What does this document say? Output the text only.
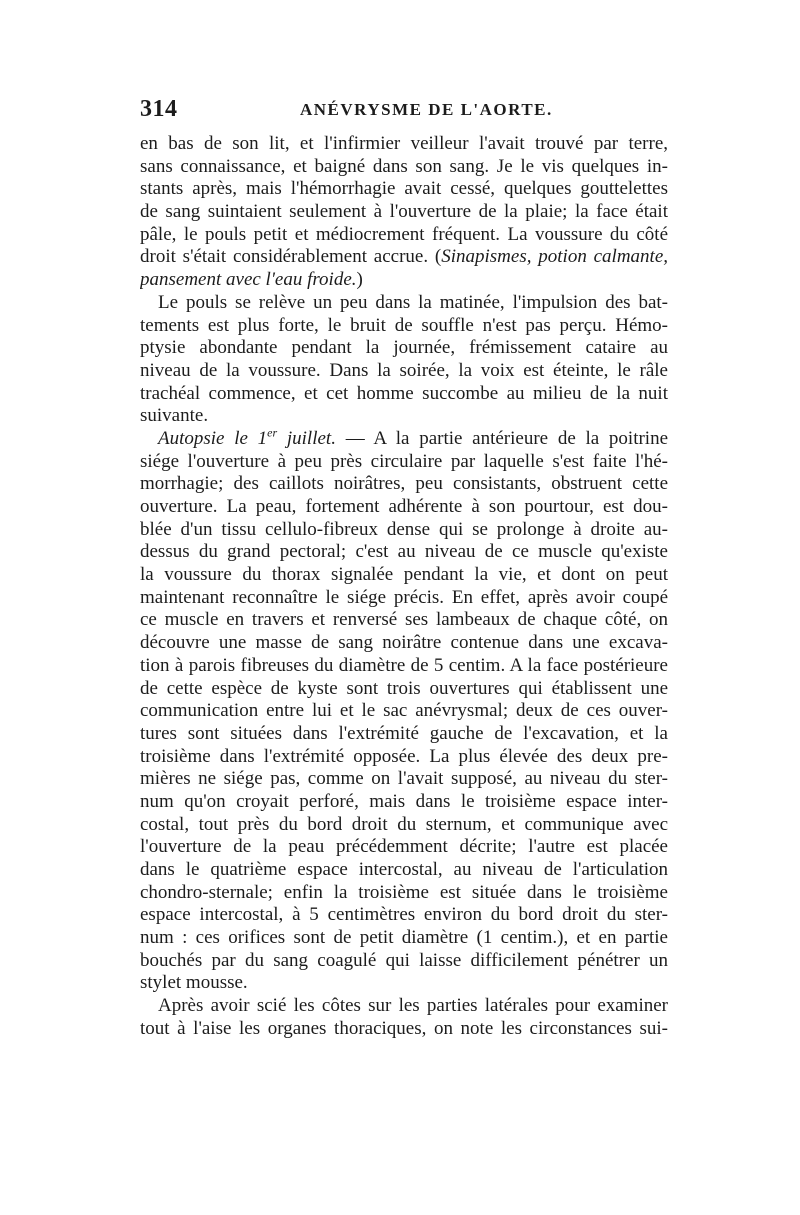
314	ANÉVRYSME DE L'AORTE.
en bas de son lit, et l'infirmier veilleur l'avait trouvé par terre,
sans connaissance, et baigné dans son sang. Je le vis quelques in-
stants après, mais l'hémorrhagie avait cessé, quelques gouttelettes
de sang suintaient seulement à l'ouverture de la plaie; la face était
pâle, le pouls petit et médiocrement fréquent. La voussure du côté
droit s'était considérablement accrue. (Sinapismes, potion calmante,
pansement avec l'eau froide.)
Le pouls se relève un peu dans la matinée, l'impulsion des bat-
tements est plus forte, le bruit de souffle n'est pas perçu. Hémo-
ptysie abondante pendant la journée, frémissement cataire au
niveau de la voussure. Dans la soirée, la voix est éteinte, le râle
trachéal commence, et cet homme succombe au milieu de la nuit
suivante.
Autopsie le 1er juillet. — A la partie antérieure de la poitrine
siége l'ouverture à peu près circulaire par laquelle s'est faite l'hé-
morrhagie; des caillots noirâtres, peu consistants, obstruent cette
ouverture. La peau, fortement adhérente à son pourtour, est dou-
blée d'un tissu cellulo-fibreux dense qui se prolonge à droite au-
dessus du grand pectoral; c'est au niveau de ce muscle qu'existe
la voussure du thorax signalée pendant la vie, et dont on peut
maintenant reconnaître le siége précis. En effet, après avoir coupé
ce muscle en travers et renversé ses lambeaux de chaque côté, on
découvre une masse de sang noirâtre contenue dans une excava-
tion à parois fibreuses du diamètre de 5 centim. A la face postérieure
de cette espèce de kyste sont trois ouvertures qui établissent une
communication entre lui et le sac anévrysmal; deux de ces ouver-
tures sont situées dans l'extrémité gauche de l'excavation, et la
troisième dans l'extrémité opposée. La plus élevée des deux pre-
mières ne siége pas, comme on l'avait supposé, au niveau du ster-
num qu'on croyait perforé, mais dans le troisième espace inter-
costal, tout près du bord droit du sternum, et communique avec
l'ouverture de la peau précédemment décrite; l'autre est placée
dans le quatrième espace intercostal, au niveau de l'articulation
chondro-sternale; enfin la troisième est située dans le troisième
espace intercostal, à 5 centimètres environ du bord droit du ster-
num : ces orifices sont de petit diamètre (1 centim.), et en partie
bouchés par du sang coagulé qui laisse difficilement pénétrer un
stylet mousse.
Après avoir scié les côtes sur les parties latérales pour examiner
tout à l'aise les organes thoraciques, on note les circonstances sui-
